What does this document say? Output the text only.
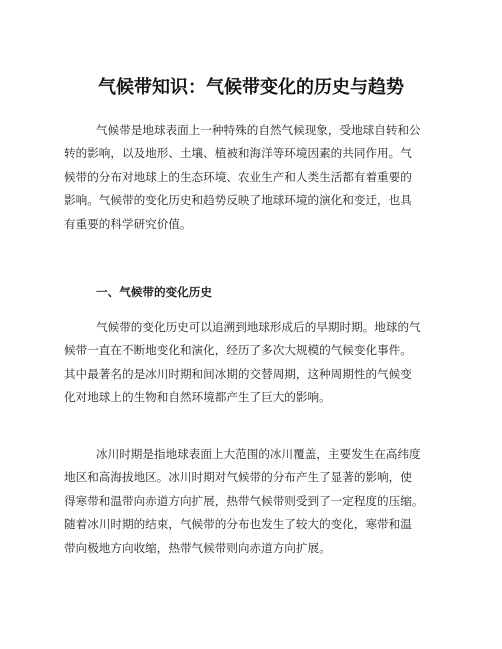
气候带知识：气候带变化的历史与趋势

气候带是地球表面上一种特殊的自然气候现象，受地球自转和公
转的影响，以及地形、土壤、植被和海洋等环境因素的共同作用。气
候带的分布对地球上的生态环境、农业生产和人类生活都有着重要的
影响。气候带的变化历史和趋势反映了地球环境的演化和变迁，也具
有重要的科学研究价值。

一、气候带的变化历史

气候带的变化历史可以追溯到地球形成后的早期时期。地球的气
候带一直在不断地变化和演化，经历了多次大规模的气候变化事件。
其中最著名的是冰川时期和间冰期的交替周期，这种周期性的气候变
化对地球上的生物和自然环境都产生了巨大的影响。

冰川时期是指地球表面上大范围的冰川覆盖，主要发生在高纬度
地区和高海拔地区。冰川时期对气候带的分布产生了显著的影响，使
得寒带和温带向赤道方向扩展，热带气候带则受到了一定程度的压缩。
随着冰川时期的结束，气候带的分布也发生了较大的变化，寒带和温
带向极地方向收缩，热带气候带则向赤道方向扩展。
